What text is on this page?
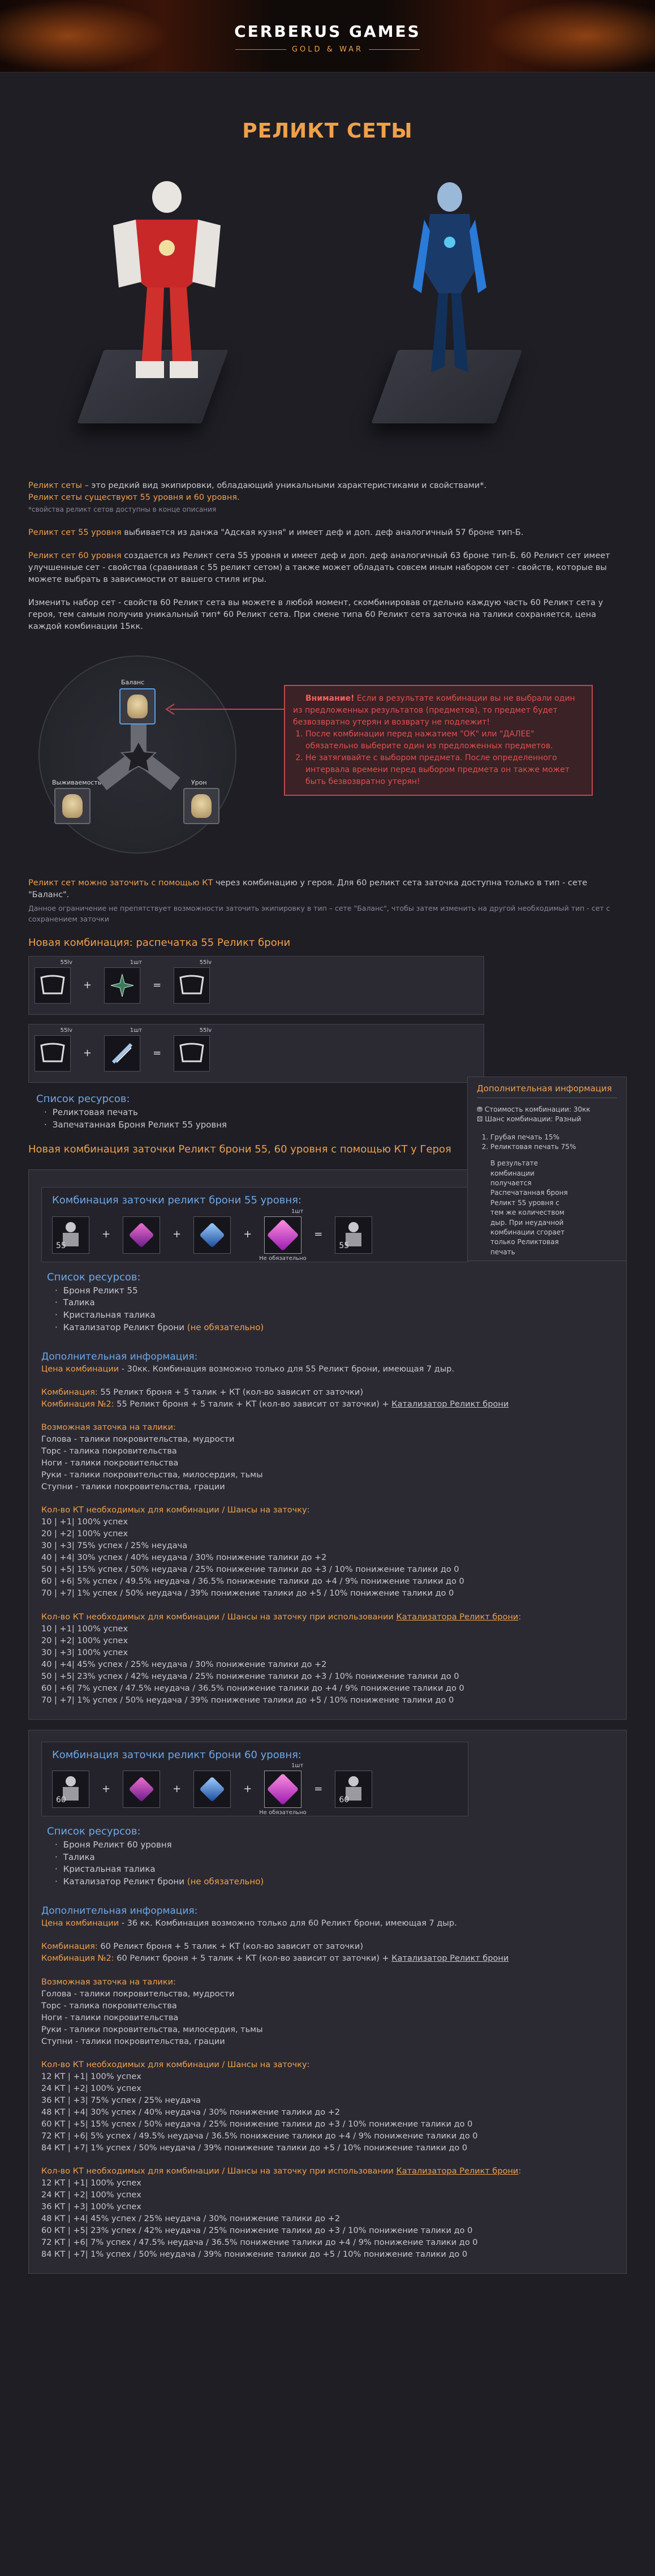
CERBERUS GAMES
GOLD & WAR
РЕЛИКТ СЕТЫ

Реликт сеты – это редкий вид экипировки, обладающий уникальными характеристиками и свойствами*.
Реликт сеты существуют 55 уровня и 60 уровня.
*свойства реликт сетов доступны в конце описания

Реликт сет 55 уровня выбивается из данжа "Адская кузня" и имеет деф и доп. деф аналогичный 57 броне тип-Б.

Реликт сет 60 уровня создается из Реликт сета 55 уровня и имеет деф и доп. деф аналогичный 63 броне тип-Б. 60 Реликт сет имеет улучшенные сет - свойства (сравнивая с 55 реликт сетом) а также может обладать совсем иным набором сет - свойств, которые вы можете выбрать в зависимости от вашего стиля игры.

Изменить набор сет - свойств 60 Реликт сета вы можете в любой момент, скомбинировав отдельно каждую часть 60 Реликт сета у героя, тем самым получив уникальный тип* 60 Реликт сета. При смене типа 60 Реликт сета заточка на талики сохраняется, цена каждой комбинации 15кк.

Баланс
Выживаемость	Урон
Внимание! Если в результате комбинации вы не выбрали один из предложенных результатов (предметов), то предмет будет безвозвратно утерян и возврату не подлежит!
1. После комбинации перед нажатием "ОК" или "ДАЛЕЕ" обязательно выберите один из предложенных предметов.
2. Не затягивайте с выбором предмета. После определенного интервала времени перед выбором предмета он также может быть безвозвратно утерян!

Реликт сет можно заточить с помощью КТ через комбинацию у героя. Для 60 реликт сета заточка доступна только в тип - сете "Баланс".

Данное ограничение не препятствует возможности заточить экипировку в тип – сете "Баланс", чтобы затем изменить на другой необходимый тип - сет с сохранением заточки

Новая комбинация: распечатка 55 Реликт брони
55lv
+
1шт
=
55lv
55lv
+
1шт
=
55lv
Дополнительная информация
⛃ Стоимость комбинации: 30кк
⚄ Шанс комбинации: Разный
1. Грубая печать 15%
2. Реликтовая печать 75%
В результате комбинации получается Распечатанная броня Реликт 55 уровня с тем же количеством дыр. При неудачной комбинации сгорает только Реликтовая печать
Список ресурсов:
· Реликтовая печать
· Запечатанная Броня Реликт 55 уровня
Новая комбинация заточки Реликт брони 55, 60 уровня с помощью КТ у Героя
Комбинация заточки реликт брони 55 уровня:
55
+	+	+
1шт
Не обязательно
=
55
Список ресурсов:
· Броня Реликт 55
· Талика
· Кристальная талика
· Катализатор Реликт брони (не обязательно)
Дополнительная информация:
Цена комбинации - 30кк. Комбинация возможно только для 55 Реликт брони, имеющая 7 дыр.
Комбинация: 55 Реликт броня + 5 талик + КТ (кол-во зависит от заточки)
Комбинация №2: 55 Реликт броня + 5 талик + КТ (кол-во зависит от заточки) + Катализатор Реликт брони
Возможная заточка на талики:
Голова - талики покровительства, мудрости
Торс - талика покровительства
Ноги - талики покровительства
Руки - талики покровительства, милосердия, тьмы
Ступни - талики покровительства, грации
Кол-во КТ необходимых для комбинации / Шансы на заточку:
10 | +1| 100% успех
20 | +2| 100% успех
30 | +3| 75% успех / 25% неудача
40 | +4| 30% успех / 40% неудача / 30% понижение талики до +2
50 | +5| 15% успех / 50% неудача / 25% понижение талики до +3 / 10% понижение талики до 0
60 | +6| 5% успех / 49.5% неудача / 36.5% понижение талики до +4 / 9% понижение талики до 0
70 | +7| 1% успех / 50% неудача / 39% понижение талики до +5 / 10% понижение талики до 0
Кол-во КТ необходимых для комбинации / Шансы на заточку при использовании Катализатора Реликт брони:
10 | +1| 100% успех
20 | +2| 100% успех
30 | +3| 100% успех
40 | +4| 45% успех / 25% неудача / 30% понижение талики до +2
50 | +5| 23% успех / 42% неудача / 25% понижение талики до +3 / 10% понижение талики до 0
60 | +6| 7% успех / 47.5% неудача / 36.5% понижение талики до +4 / 9% понижение талики до 0
70 | +7| 1% успех / 50% неудача / 39% понижение талики до +5 / 10% понижение талики до 0
Комбинация заточки реликт брони 60 уровня:
60
+	+	+
1шт
Не обязательно
=
60
Список ресурсов:
· Броня Реликт 60 уровня
· Талика
· Кристальная талика
· Катализатор Реликт брони (не обязательно)
Дополнительная информация:
Цена комбинации - 36 кк. Комбинация возможно только для 60 Реликт брони, имеющая 7 дыр.
Комбинация: 60 Реликт броня + 5 талик + КТ (кол-во зависит от заточки)
Комбинация №2: 60 Реликт броня + 5 талик + КТ (кол-во зависит от заточки) + Катализатор Реликт брони
Возможная заточка на талики:
Голова - талики покровительства, мудрости
Торс - талика покровительства
Ноги - талики покровительства
Руки - талики покровительства, милосердия, тьмы
Ступни - талики покровительства, грации
Кол-во КТ необходимых для комбинации / Шансы на заточку:
12 КТ | +1| 100% успех
24 КТ | +2| 100% успех
36 КТ | +3| 75% успех / 25% неудача
48 КТ | +4| 30% успех / 40% неудача / 30% понижение талики до +2
60 КТ | +5| 15% успех / 50% неудача / 25% понижение талики до +3 / 10% понижение талики до 0
72 КТ | +6| 5% успех / 49.5% неудача / 36.5% понижение талики до +4 / 9% понижение талики до 0
84 КТ | +7| 1% успех / 50% неудача / 39% понижение талики до +5 / 10% понижение талики до 0
Кол-во КТ необходимых для комбинации / Шансы на заточку при использовании Катализатора Реликт брони:
12 КТ | +1| 100% успех
24 КТ | +2| 100% успех
36 КТ | +3| 100% успех
48 КТ | +4| 45% успех / 25% неудача / 30% понижение талики до +2
60 КТ | +5| 23% успех / 42% неудача / 25% понижение талики до +3 / 10% понижение талики до 0
72 КТ | +6| 7% успех / 47.5% неудача / 36.5% понижение талики до +4 / 9% понижение талики до 0
84 КТ | +7| 1% успех / 50% неудача / 39% понижение талики до +5 / 10% понижение талики до 0
